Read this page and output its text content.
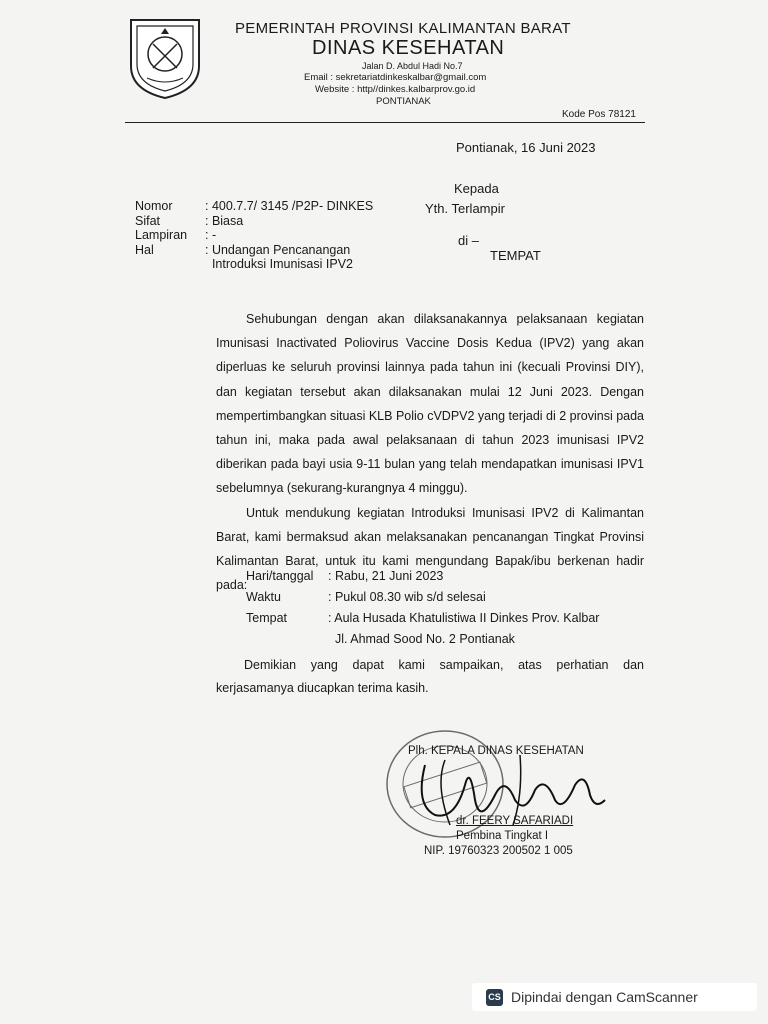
PEMERINTAH PROVINSI KALIMANTAN BARAT
DINAS KESEHATAN
Jalan D. Abdul Hadi No.7
Email : sekretariatdinkeskalbar@gmail.com
Website : http//dinkes.kalbarprov.go.id
PONTIANAK
Kode Pos 78121
Pontianak, 16 Juni 2023
Kepada
Yth. Terlampir
di –
TEMPAT
Nomor	: 400.7.7/ 3145 /P2P- DINKES
Sifat	: Biasa
Lampiran	: -
Hal	: Undangan Pencanangan
Introduksi Imunisasi IPV2

Sehubungan dengan akan dilaksanakannya pelaksanaan kegiatan Imunisasi Inactivated Poliovirus Vaccine Dosis Kedua (IPV2) yang akan diperluas ke seluruh provinsi lainnya pada tahun ini (kecuali Provinsi DIY), dan kegiatan tersebut akan dilaksanakan mulai 12 Juni 2023. Dengan mempertimbangkan situasi KLB Polio cVDPV2 yang terjadi di 2 provinsi pada tahun ini, maka pada awal pelaksanaan di tahun 2023 imunisasi IPV2 diberikan pada bayi usia 9-11 bulan yang telah mendapatkan imunisasi IPV1 sebelumnya (sekurang-kurangnya 4 minggu).

Untuk mendukung kegiatan Introduksi Imunisasi IPV2 di Kalimantan Barat, kami bermaksud akan melaksanakan pencanangan Tingkat Provinsi Kalimantan Barat, untuk itu kami mengundang Bapak/ibu berkenan hadir pada:

Hari/tanggal	: Rabu, 21 Juni 2023
Waktu	: Pukul 08.30 wib s/d selesai
Tempat	: Aula Husada Khatulistiwa II Dinkes Prov. Kalbar
Jl. Ahmad Sood No. 2 Pontianak
Demikian yang dapat kami sampaikan, atas perhatian dan kerjasamanya diucapkan terima kasih.
Plh. KEPALA DINAS KESEHATAN
dr. FEERY SAFARIADI
Pembina Tingkat I
NIP. 19760323 200502 1 005
CS Dipindai dengan CamScanner
